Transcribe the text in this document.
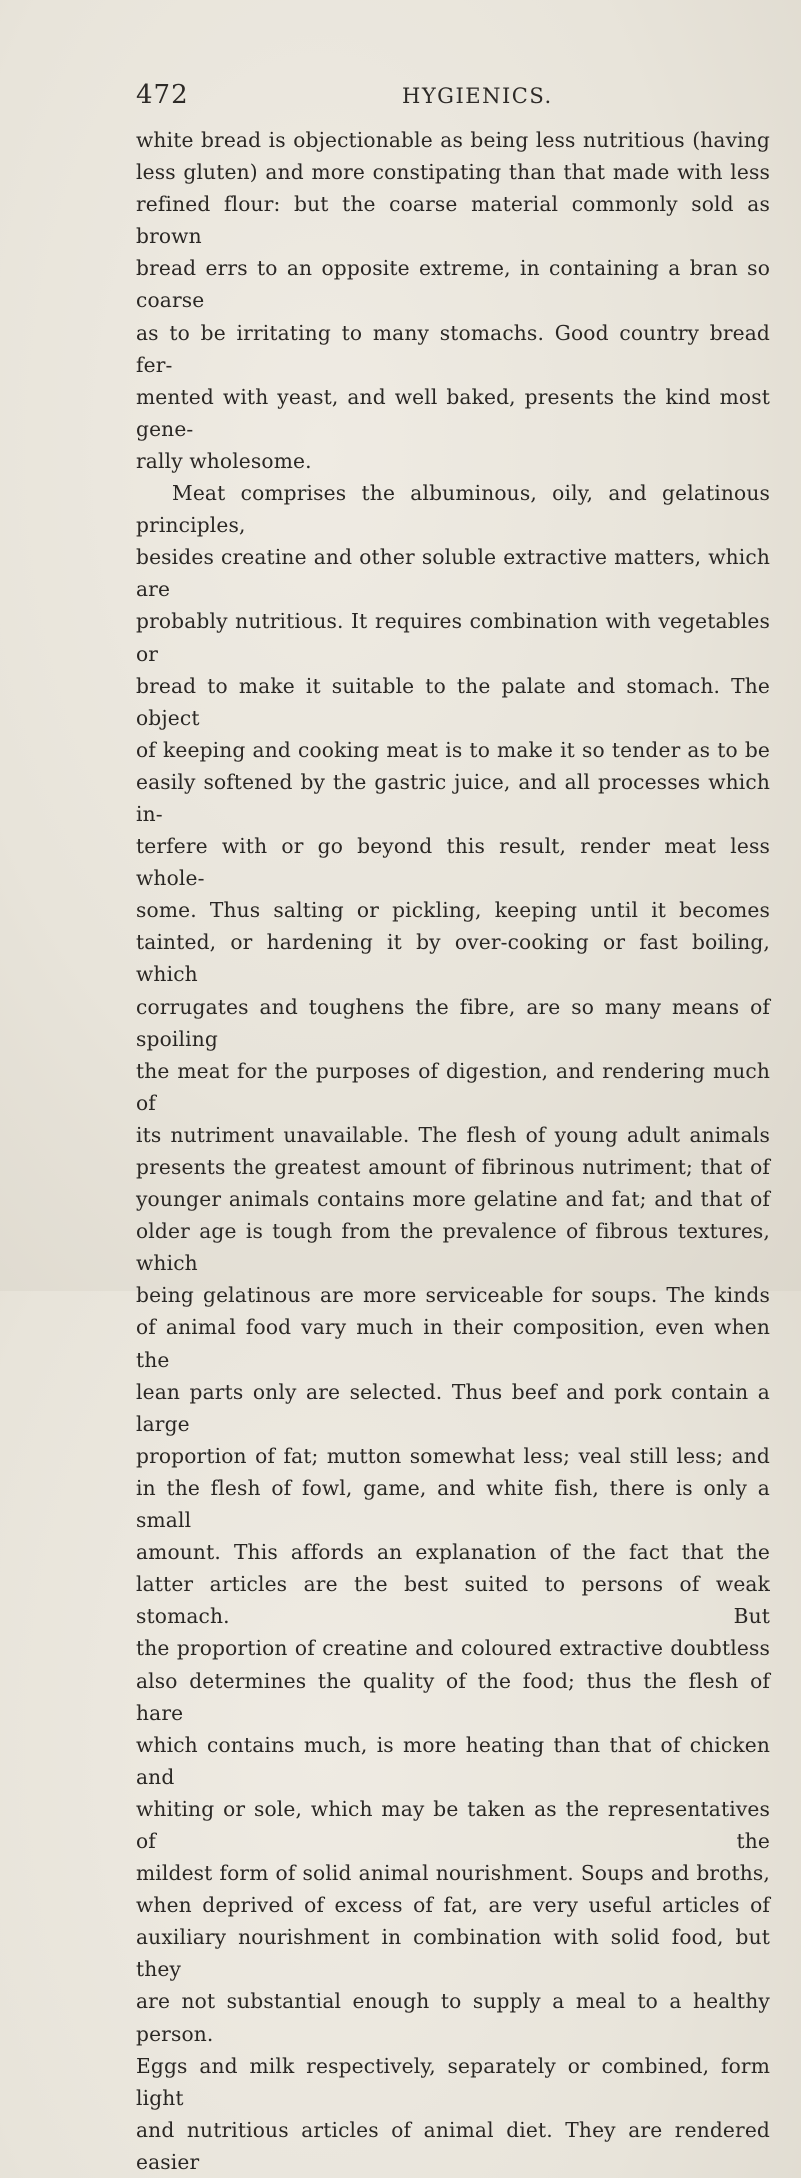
472	HYGIENICS.
white bread is objectionable as being less nutritious (having
less gluten) and more constipating than that made with less
refined flour: but the coarse material commonly sold as brown
bread errs to an opposite extreme, in containing a bran so coarse
as to be irritating to many stomachs. Good country bread fer-
mented with yeast, and well baked, presents the kind most gene-
rally wholesome.
Meat comprises the albuminous, oily, and gelatinous principles,
besides creatine and other soluble extractive matters, which are
probably nutritious. It requires combination with vegetables or
bread to make it suitable to the palate and stomach. The object
of keeping and cooking meat is to make it so tender as to be
easily softened by the gastric juice, and all processes which in-
terfere with or go beyond this result, render meat less whole-
some. Thus salting or pickling, keeping until it becomes
tainted, or hardening it by over-cooking or fast boiling, which
corrugates and toughens the fibre, are so many means of spoiling
the meat for the purposes of digestion, and rendering much of
its nutriment unavailable. The flesh of young adult animals
presents the greatest amount of fibrinous nutriment; that of
younger animals contains more gelatine and fat; and that of
older age is tough from the prevalence of fibrous textures, which
being gelatinous are more serviceable for soups. The kinds
of animal food vary much in their composition, even when the
lean parts only are selected. Thus beef and pork contain a large
proportion of fat; mutton somewhat less; veal still less; and
in the flesh of fowl, game, and white fish, there is only a small
amount. This affords an explanation of the fact that the
latter articles are the best suited to persons of weak stomach. But
the proportion of creatine and coloured extractive doubtless
also determines the quality of the food; thus the flesh of hare
which contains much, is more heating than that of chicken and
whiting or sole, which may be taken as the representatives of the
mildest form of solid animal nourishment. Soups and broths,
when deprived of excess of fat, are very useful articles of
auxiliary nourishment in combination with solid food, but they
are not substantial enough to supply a meal to a healthy person.
Eggs and milk respectively, separately or combined, form light
and nutritious articles of animal diet. They are rendered easier
